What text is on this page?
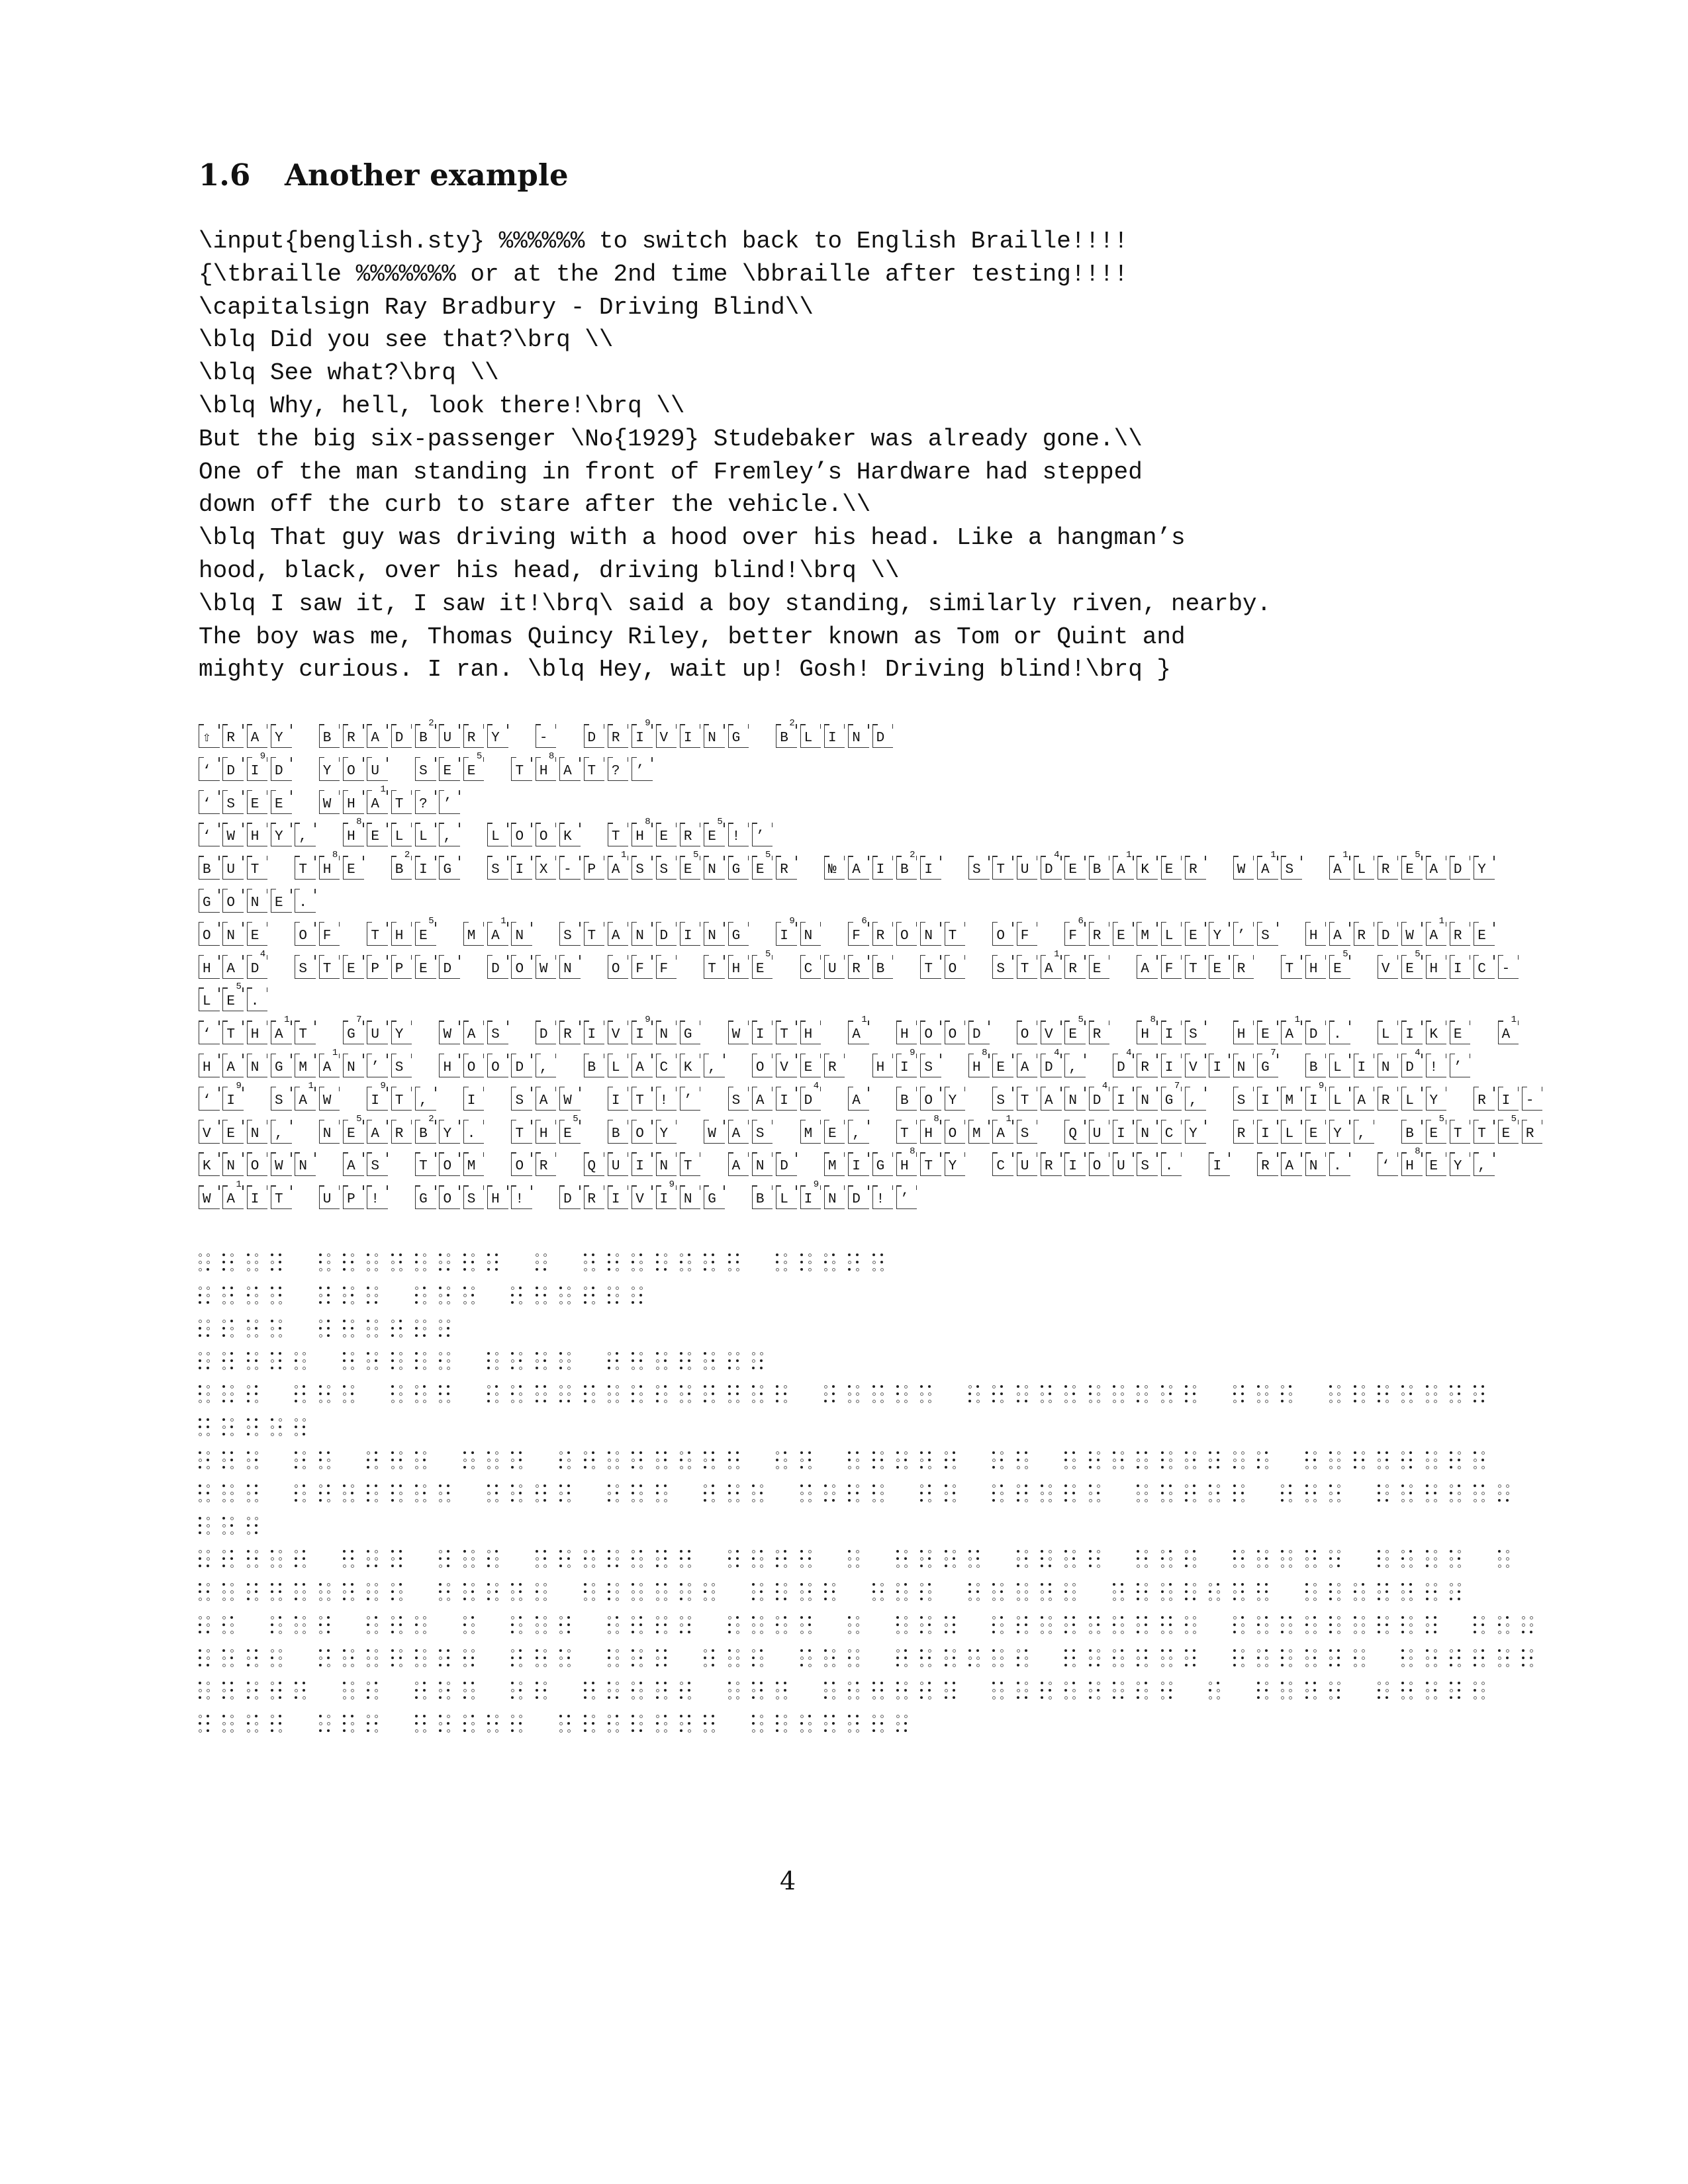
1.6 Another example
\input{benglish.sty} %%%%%% to switch back to English Braille!!!!
{\tbraille %%%%%%% or at the 2nd time \bbraille after testing!!!!
\capitalsign Ray Bradbury - Driving Blind\\
\blq Did you see that?\brq \\
\blq See what?\brq \\
\blq Why, hell, look there!\brq \\
But the big six-passenger \No{1929} Studebaker was already gone.\\
One of the man standing in front of Fremley’s Hardware had stepped
down off the curb to stare after the vehicle.\\
\blq That guy was driving with a hood over his head. Like a hangman’s
hood, black, over his head, driving blind!\brq \\
\blq I saw it, I saw it!\brq\ said a boy standing, similarly riven, nearby.
The boy was me, Thomas Quincy Riley, better known as Tom or Quint and
mighty curious. I ran. \blq Hey, wait up! Gosh! Driving blind!\brq }
⇧ R A Y	B R A D B
2
U R Y	-	D R I
9
V I N G	B
2
L I N D
‘ D I
9
D	Y O U	S E E
5
T H
8
A T ? ’
‘ S E E	W H A
1
T ? ’
‘ W H Y ,	H
8
E L L ,	L O O K	T H
8
E R E
5
! ’
B U T	T H
8
E	B
2
I G	S I X - P A
1
S S E
5
N G E
5
R	№ A I B
2
I	S T U D
4
E B A
1
K E R	W A
1
S	A
1
L R E
5
A D Y
G O N E .
O N E	O F	T H E
5
M A
1
N	S T A N D I N G	I
9
N	F
6
R O N T	O F	F
6
R E M L E Y ’ S	H A R D W A
1
R E
H A D
4
S T E P P E D	D O W N	O F F	T H E
5
C U R B	T O	S T A
1
R E	A F T E R	T H E
5
V E
5
H I C -
L E
5
.
‘ T H A
1
T	G
7
U Y	W A S	D R I V I
9
N G	W I T H	A
1
H O O D	O V E
5
R	H
8
I S	H E A
1
D .	L I K E	A
1
H A N G M A
1
N ’ S	H O O D ,	B L A C K ,	O V E R	H I
9
S	H
8
E A D
4
,	D
4
R I V I N G
7
B L I N D
4
! ’
‘ I
9
S A
1
W	I
9
T ,	I	S A W	I T ! ’	S A I D
4
A	B O Y	S T A N D
4
I N G
7
,	S I M I
9
L A R L Y	R I -
V E N ,	N E
5
A R B
2
Y .	T H E
5
B O Y	W A S	M E ,	T H
8
O M A
1
S	Q U I N C Y	R I L E Y ,	B E
5
T T E
5
R
K N O W N	A S	T O M	O R	Q U I N T	A N D	M I G H
8
T Y	C U R I O U S .	I	R A N .	‘ H
8
E Y ,
W A
1
I T	U P !	G O S H !	D R I V I
9
N G	B L I
9
N D ! ’
4
